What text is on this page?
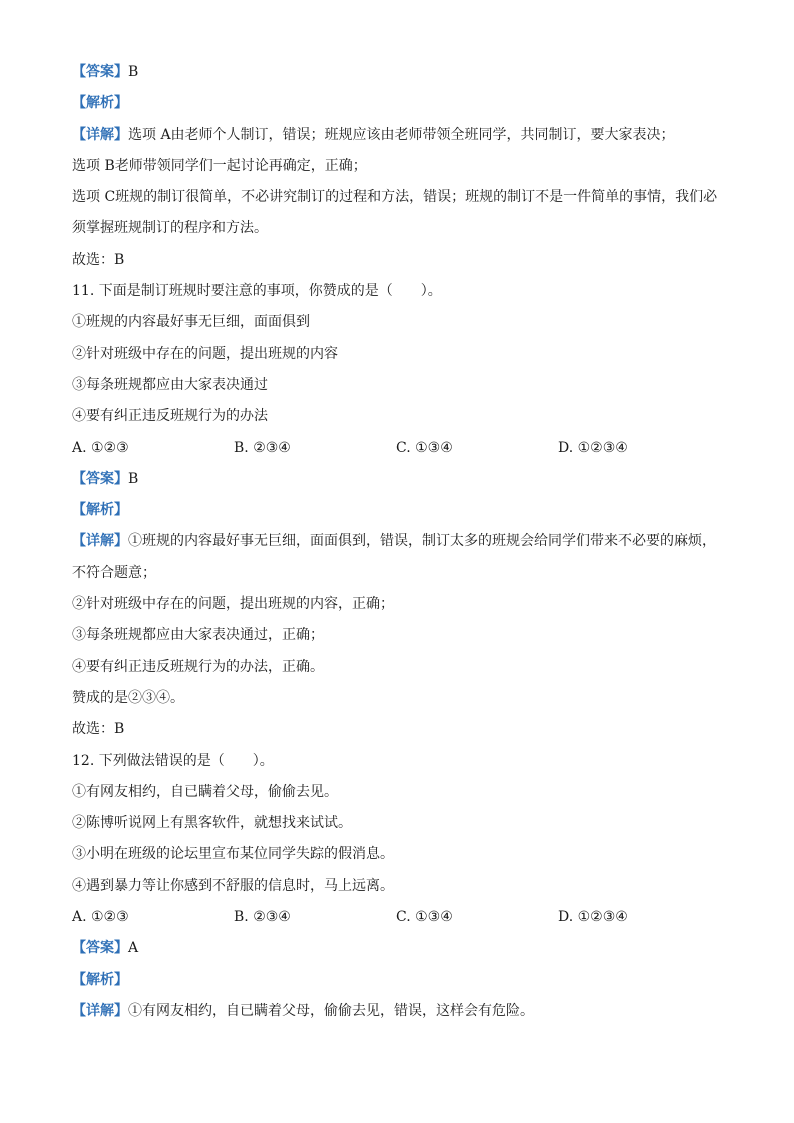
【答案】B
【解析】
【详解】选项 A由老师个人制订，错误；班规应该由老师带领全班同学，共同制订，要大家表决；
选项 B老师带领同学们一起讨论再确定，正确；
选项 C班规的制订很简单，不必讲究制订的过程和方法，错误；班规的制订不是一件简单的事情，我们必
须掌握班规制订的程序和方法。
故选：B
11. 下面是制订班规时要注意的事项，你赞成的是（　　）。
①班规的内容最好事无巨细，面面俱到
②针对班级中存在的问题，提出班规的内容
③每条班规都应由大家表决通过
④要有纠正违反班规行为的办法
A. ①②③	B. ②③④	C. ①③④	D. ①②③④
【答案】B
【解析】
【详解】①班规的内容最好事无巨细，面面俱到，错误，制订太多的班规会给同学们带来不必要的麻烦，
不符合题意；
②针对班级中存在的问题，提出班规的内容，正确；
③每条班规都应由大家表决通过，正确；
④要有纠正违反班规行为的办法，正确。
赞成的是②③④。
故选：B
12. 下列做法错误的是（　　）。
①有网友相约，自已瞒着父母，偷偷去见。
②陈博听说网上有黑客软件，就想找来试试。
③小明在班级的论坛里宣布某位同学失踪的假消息。
④遇到暴力等让你感到不舒服的信息时，马上远离。
A. ①②③	B. ②③④	C. ①③④	D. ①②③④
【答案】A
【解析】
【详解】①有网友相约，自已瞒着父母，偷偷去见，错误，这样会有危险。
